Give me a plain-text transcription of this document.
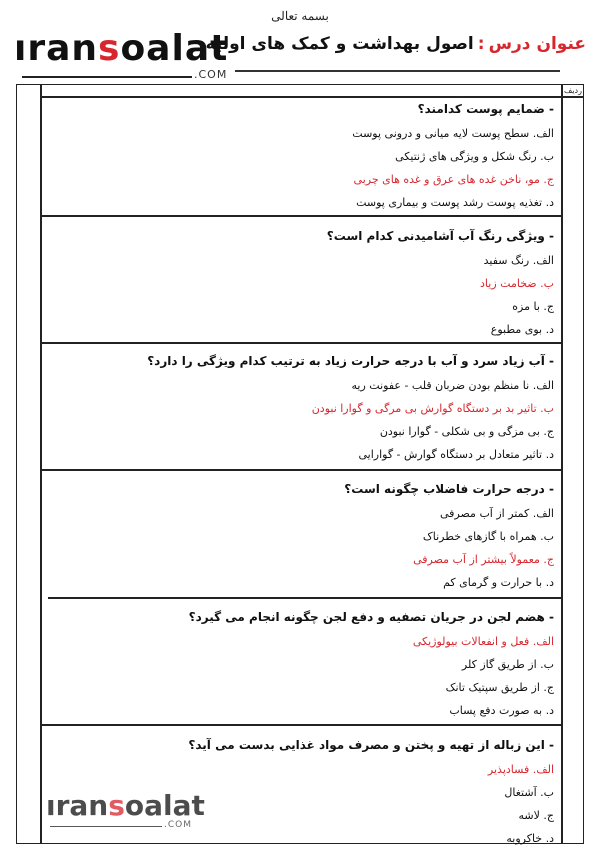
بسمه تعالی
ıransoalat
.COM
عنوان درس:اصول بهداشت و کمک های اولیه
ردیف
- ضمایم پوست کدامند؟
الف. سطح پوست لایه میانی و درونی پوست
ب. رنگ شکل و ویژگی های ژنتیکی
ج. مو، ناخن غده های عرق و غده های چربی
د. تغذیه پوست رشد پوست و بیماری پوست
- ویژگی رنگ آب آشامیدنی کدام است؟
الف. رنگ سفید
ب. ضخامت زیاد
ج. با مزه
د. بوی مطبوع
- آب زیاد سرد و آب با درجه حرارت زیاد به ترتیب کدام ویژگی را دارد؟
الف. نا منظم بودن ضربان قلب - عفونت ریه
ب. تاثیر بد بر دستگاه گوارش بی مرگی و گوارا نبودن
ج. بی مزگی و بی شکلی - گوارا نبودن
د. تاثیر متعادل بر دستگاه گوارش - گوارایی
- درجه حرارت فاضلاب چگونه است؟
الف. کمتر از آب مصرفی
ب. همراه با گازهای خطرناک
ج. معمولاً بیشتر از آب مصرفی
د. با حرارت و گرمای کم
- هضم لجن در جریان تصفیه و دفع لجن چگونه انجام می گیرد؟
الف. فعل و انفعالات بیولوژیکی
ب. از طریق گاز کلر
ج. از طریق سپتیک تانک
د. به صورت دفع پساب
- این زباله از تهیه و پختن و مصرف مواد غذایی بدست می آید؟
الف. فسادپذیر
ب. آشتغال
ج. لاشه
د. خاکروبه
ıransoalat
.COM
